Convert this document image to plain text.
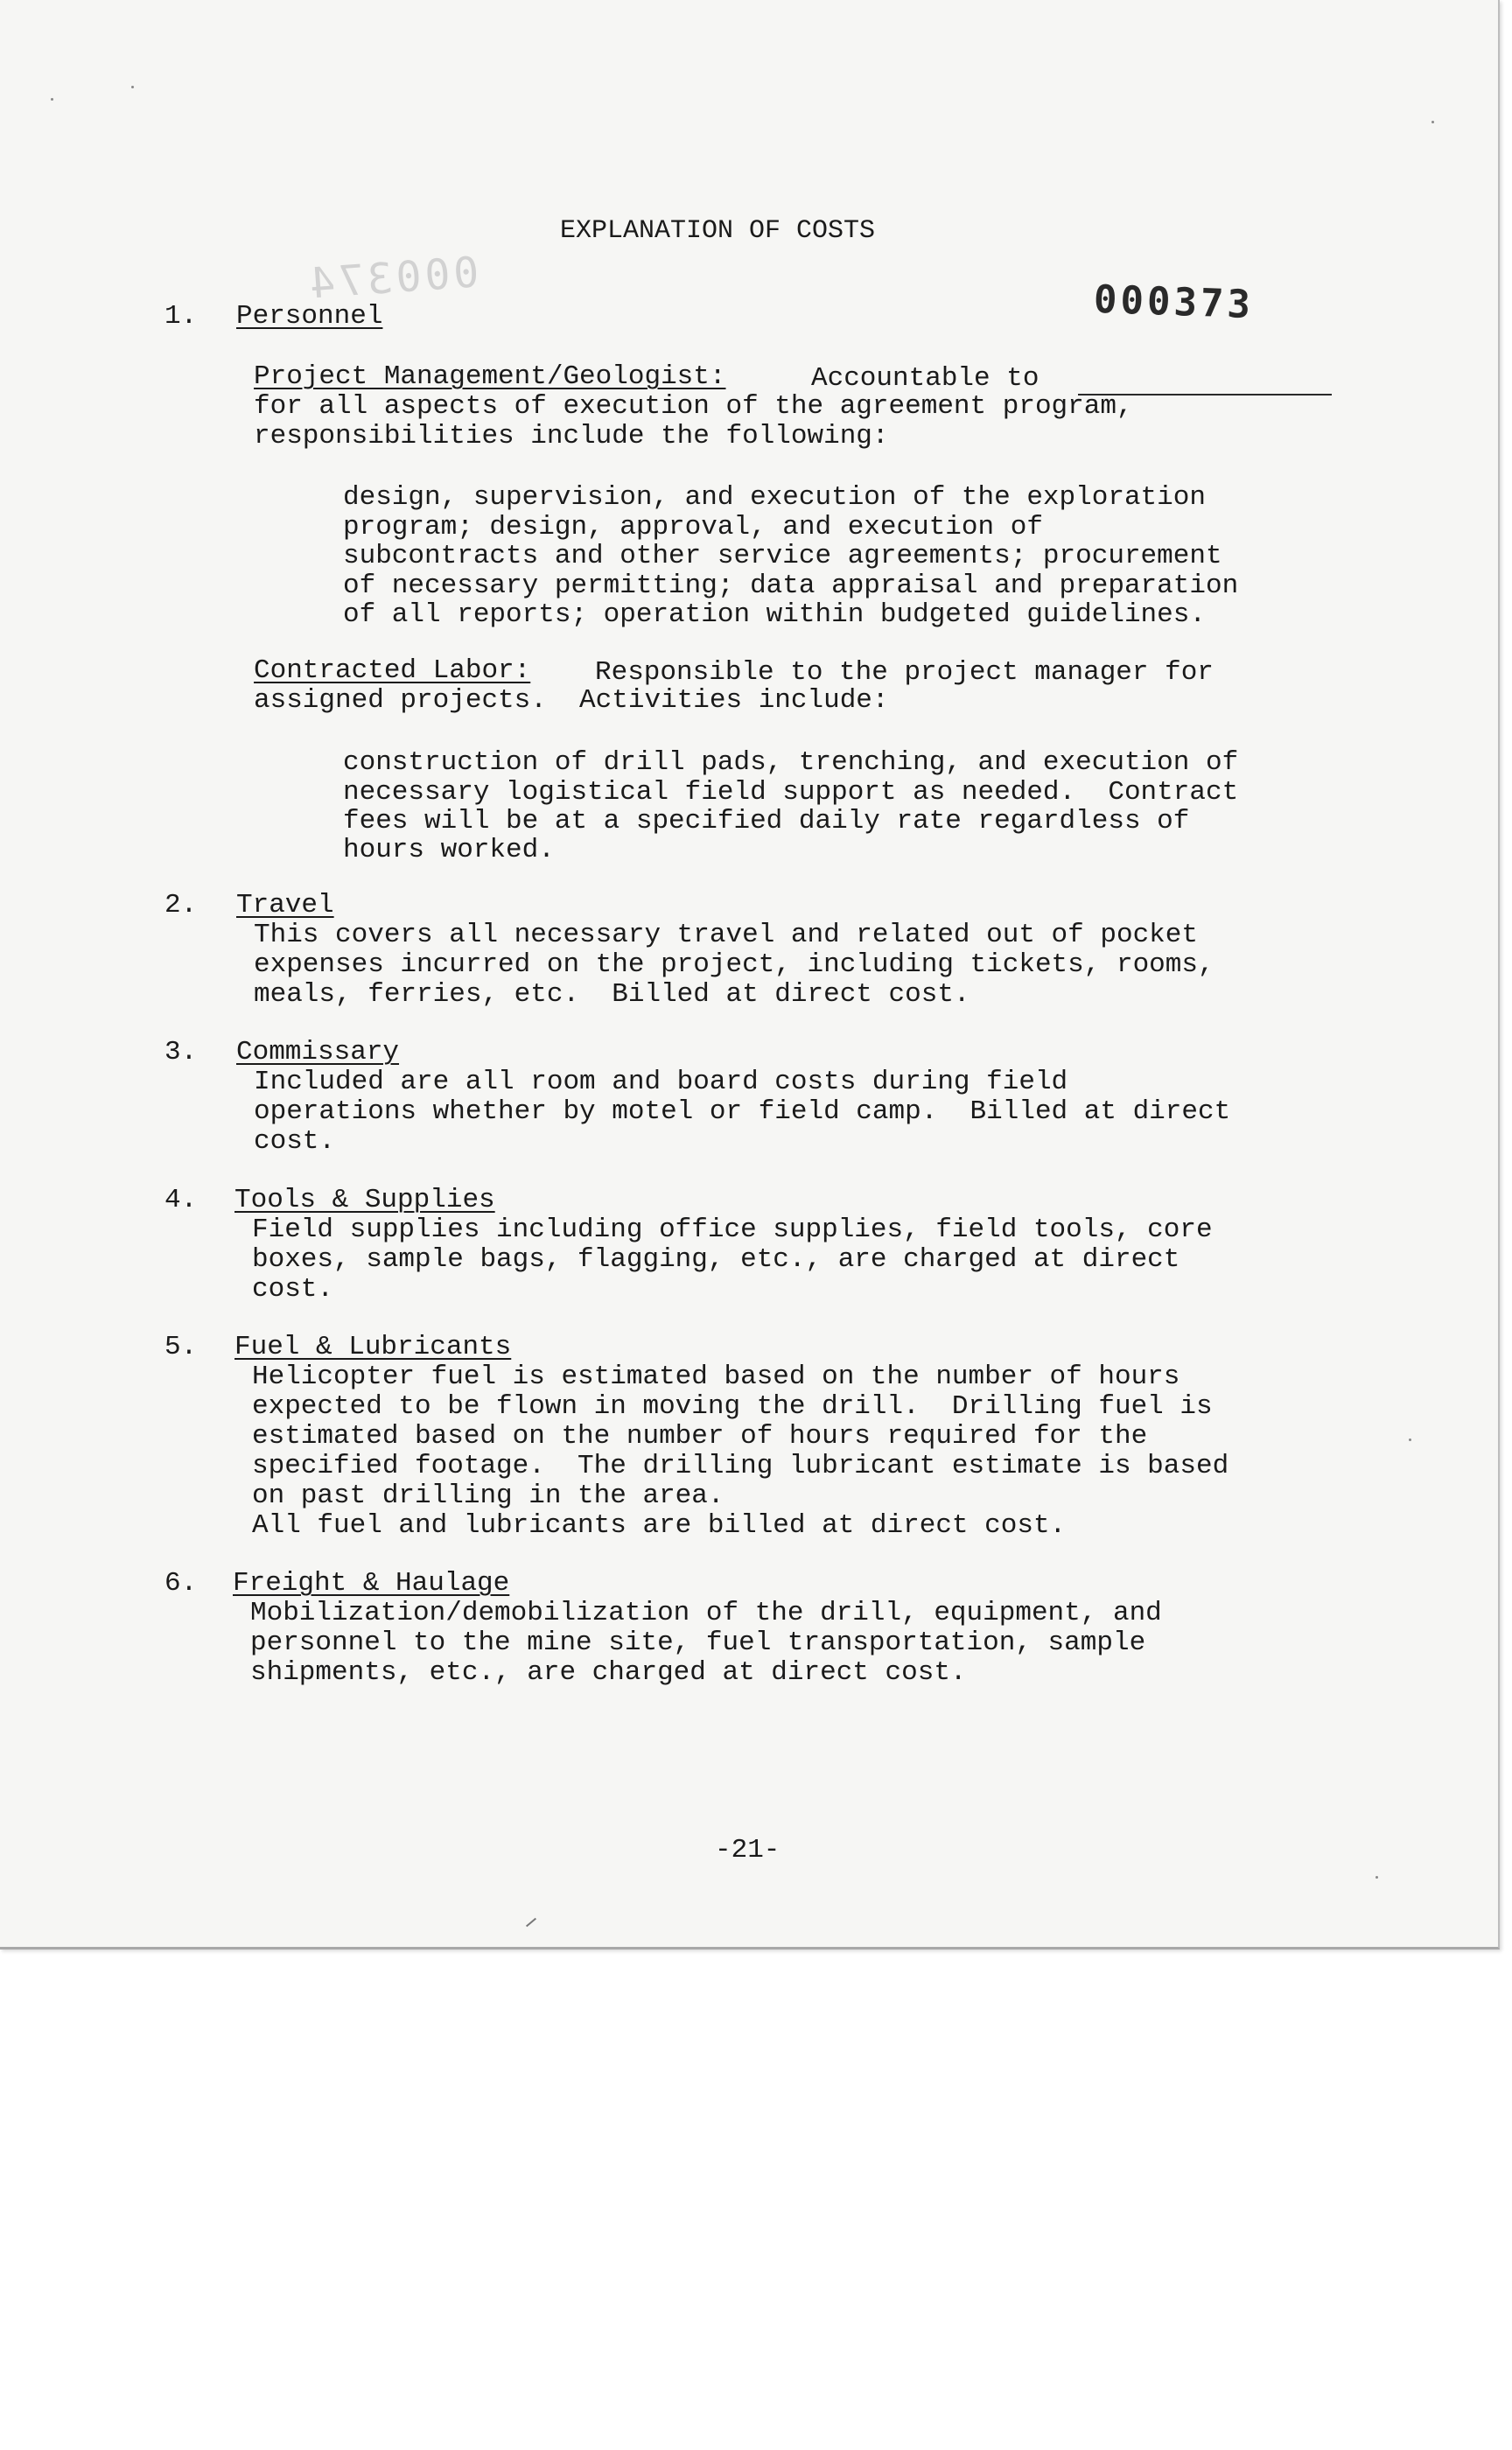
000374
EXPLANATION OF COSTS
000373
1. Personnel
Project Management/Geologist:	Accountable to
for all aspects of execution of the agreement program,
responsibilities include the following:
design, supervision, and execution of the exploration
program; design, approval, and execution of
subcontracts and other service agreements; procurement
of necessary permitting; data appraisal and preparation
of all reports; operation within budgeted guidelines.
Contracted Labor: Responsible to the project manager for
assigned projects.  Activities include:
construction of drill pads, trenching, and execution of
necessary logistical field support as needed.  Contract
fees will be at a specified daily rate regardless of
hours worked.
2. Travel
This covers all necessary travel and related out of pocket
expenses incurred on the project, including tickets, rooms,
meals, ferries, etc.  Billed at direct cost.
3. Commissary
Included are all room and board costs during field
operations whether by motel or field camp.  Billed at direct
cost.
4. Tools & Supplies
Field supplies including office supplies, field tools, core
boxes, sample bags, flagging, etc., are charged at direct
cost.
5. Fuel & Lubricants
Helicopter fuel is estimated based on the number of hours
expected to be flown in moving the drill.  Drilling fuel is
estimated based on the number of hours required for the
specified footage.  The drilling lubricant estimate is based
on past drilling in the area.
All fuel and lubricants are billed at direct cost.
6. Freight & Haulage
Mobilization/demobilization of the drill, equipment, and
personnel to the mine site, fuel transportation, sample
shipments, etc., are charged at direct cost.
-21-
